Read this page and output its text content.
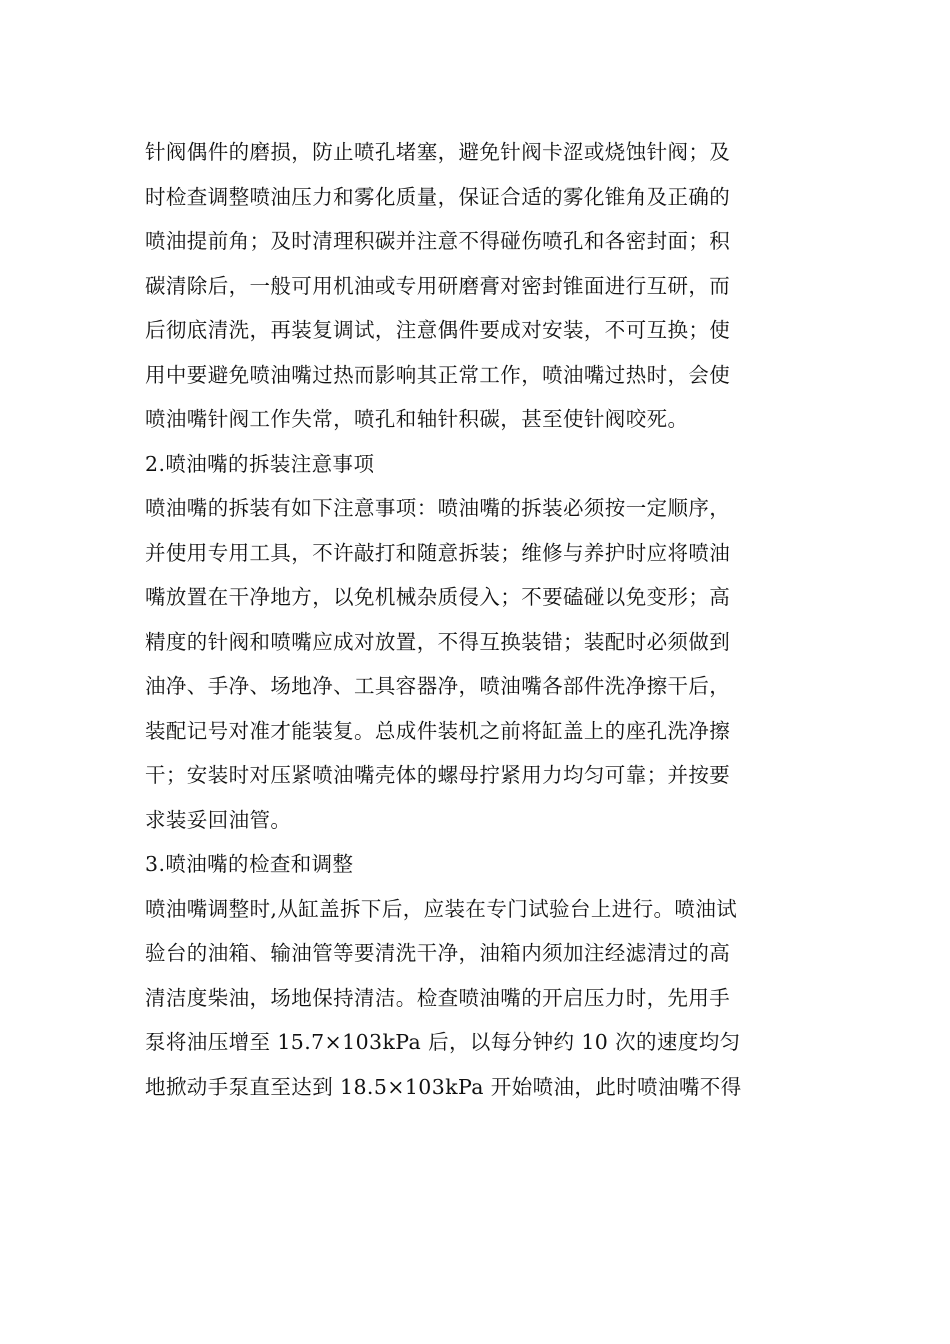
针阀偶件的磨损，防止喷孔堵塞，避免针阀卡涩或烧蚀针阀；及
时检查调整喷油压力和雾化质量，保证合适的雾化锥角及正确的
喷油提前角；及时清理积碳并注意不得碰伤喷孔和各密封面；积
碳清除后，一般可用机油或专用研磨膏对密封锥面进行互研，而
后彻底清洗，再装复调试，注意偶件要成对安装，不可互换；使
用中要避免喷油嘴过热而影响其正常工作，喷油嘴过热时，会使
喷油嘴针阀工作失常，喷孔和轴针积碳，甚至使针阀咬死。
2.喷油嘴的拆装注意事项
喷油嘴的拆装有如下注意事项：喷油嘴的拆装必须按一定顺序，
并使用专用工具，不许敲打和随意拆装；维修与养护时应将喷油
嘴放置在干净地方，以免机械杂质侵入；不要磕碰以免变形；高
精度的针阀和喷嘴应成对放置，不得互换装错；装配时必须做到
油净、手净、场地净、工具容器净，喷油嘴各部件洗净擦干后，
装配记号对准才能装复。总成件装机之前将缸盖上的座孔洗净擦
干；安装时对压紧喷油嘴壳体的螺母拧紧用力均匀可靠；并按要
求装妥回油管。
3.喷油嘴的检查和调整
喷油嘴调整时,从缸盖拆下后，应装在专门试验台上进行。喷油试
验台的油箱、输油管等要清洗干净，油箱内须加注经滤清过的高
清洁度柴油，场地保持清洁。检查喷油嘴的开启压力时，先用手
泵将油压增至 15.7×103kPa 后，以每分钟约 10 次的速度均匀
地掀动手泵直至达到 18.5×103kPa 开始喷油，此时喷油嘴不得
